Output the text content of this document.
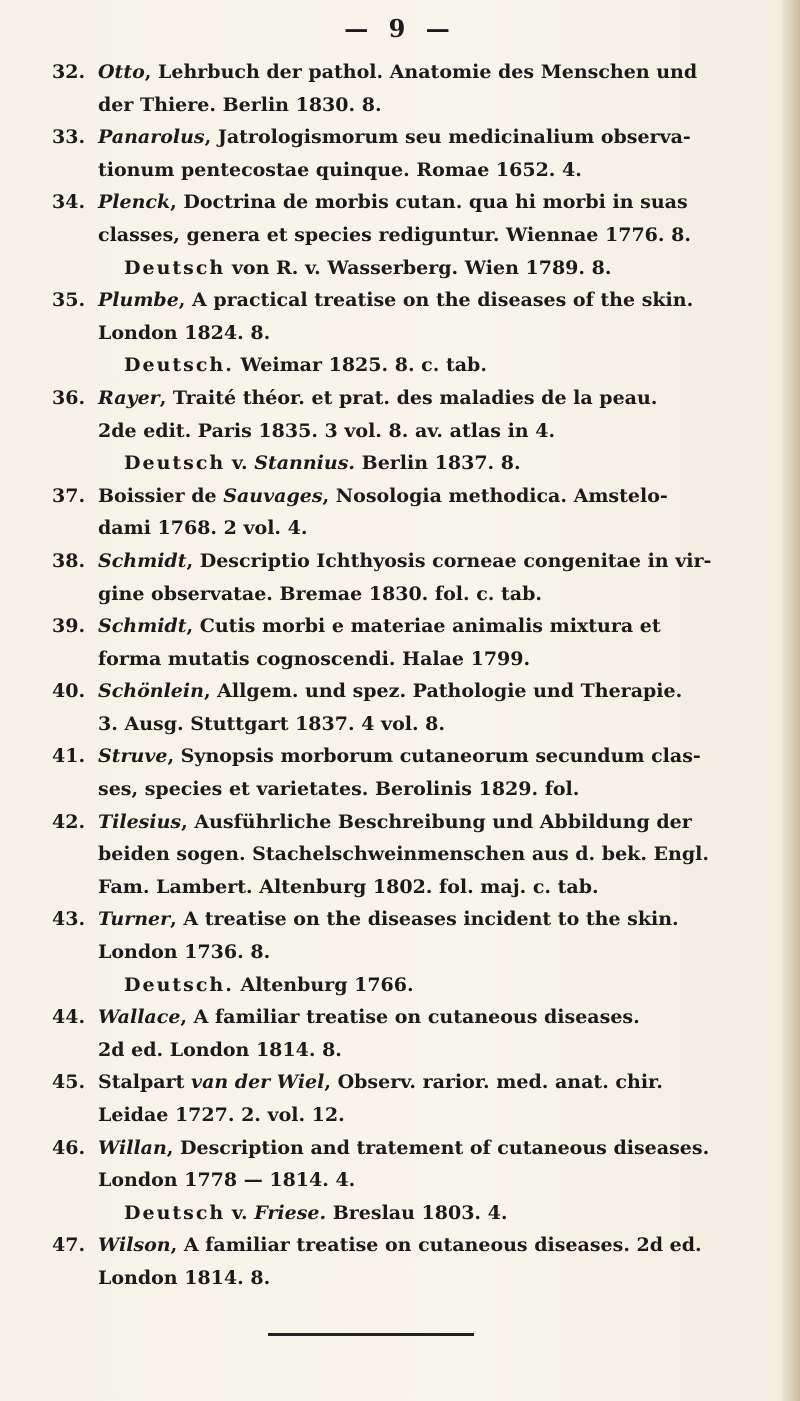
— 9 —
32. Otto, Lehrbuch der pathol. Anatomie des Menschen und
der Thiere. Berlin 1830. 8.
33. Panarolus, Jatrologismorum seu medicinalium observa-
tionum pentecostae quinque. Romae 1652. 4.
34. Plenck, Doctrina de morbis cutan. qua hi morbi in suas
classes, genera et species rediguntur. Wiennae 1776. 8.
Deutsch von R. v. Wasserberg. Wien 1789. 8.
35. Plumbe, A practical treatise on the diseases of the skin.
London 1824. 8.
Deutsch. Weimar 1825. 8. c. tab.
36. Rayer, Traité théor. et prat. des maladies de la peau.
2de edit. Paris 1835. 3 vol. 8. av. atlas in 4.
Deutsch v. Stannius. Berlin 1837. 8.
37. Boissier de Sauvages, Nosologia methodica. Amstelo-
dami 1768. 2 vol. 4.
38. Schmidt, Descriptio Ichthyosis corneae congenitae in vir-
gine observatae. Bremae 1830. fol. c. tab.
39. Schmidt, Cutis morbi e materiae animalis mixtura et
forma mutatis cognoscendi. Halae 1799.
40. Schönlein, Allgem. und spez. Pathologie und Therapie.
3. Ausg. Stuttgart 1837. 4 vol. 8.
41. Struve, Synopsis morborum cutaneorum secundum clas-
ses, species et varietates. Berolinis 1829. fol.
42. Tilesius, Ausführliche Beschreibung und Abbildung der
beiden sogen. Stachelschweinmenschen aus d. bek. Engl.
Fam. Lambert. Altenburg 1802. fol. maj. c. tab.
43. Turner, A treatise on the diseases incident to the skin.
London 1736. 8.
Deutsch. Altenburg 1766.
44. Wallace, A familiar treatise on cutaneous diseases.
2d ed. London 1814. 8.
45. Stalpart van der Wiel, Observ. rarior. med. anat. chir.
Leidae 1727. 2. vol. 12.
46. Willan, Description and tratement of cutaneous diseases.
London 1778 — 1814. 4.
Deutsch v. Friese. Breslau 1803. 4.
47. Wilson, A familiar treatise on cutaneous diseases. 2d ed.
London 1814. 8.
